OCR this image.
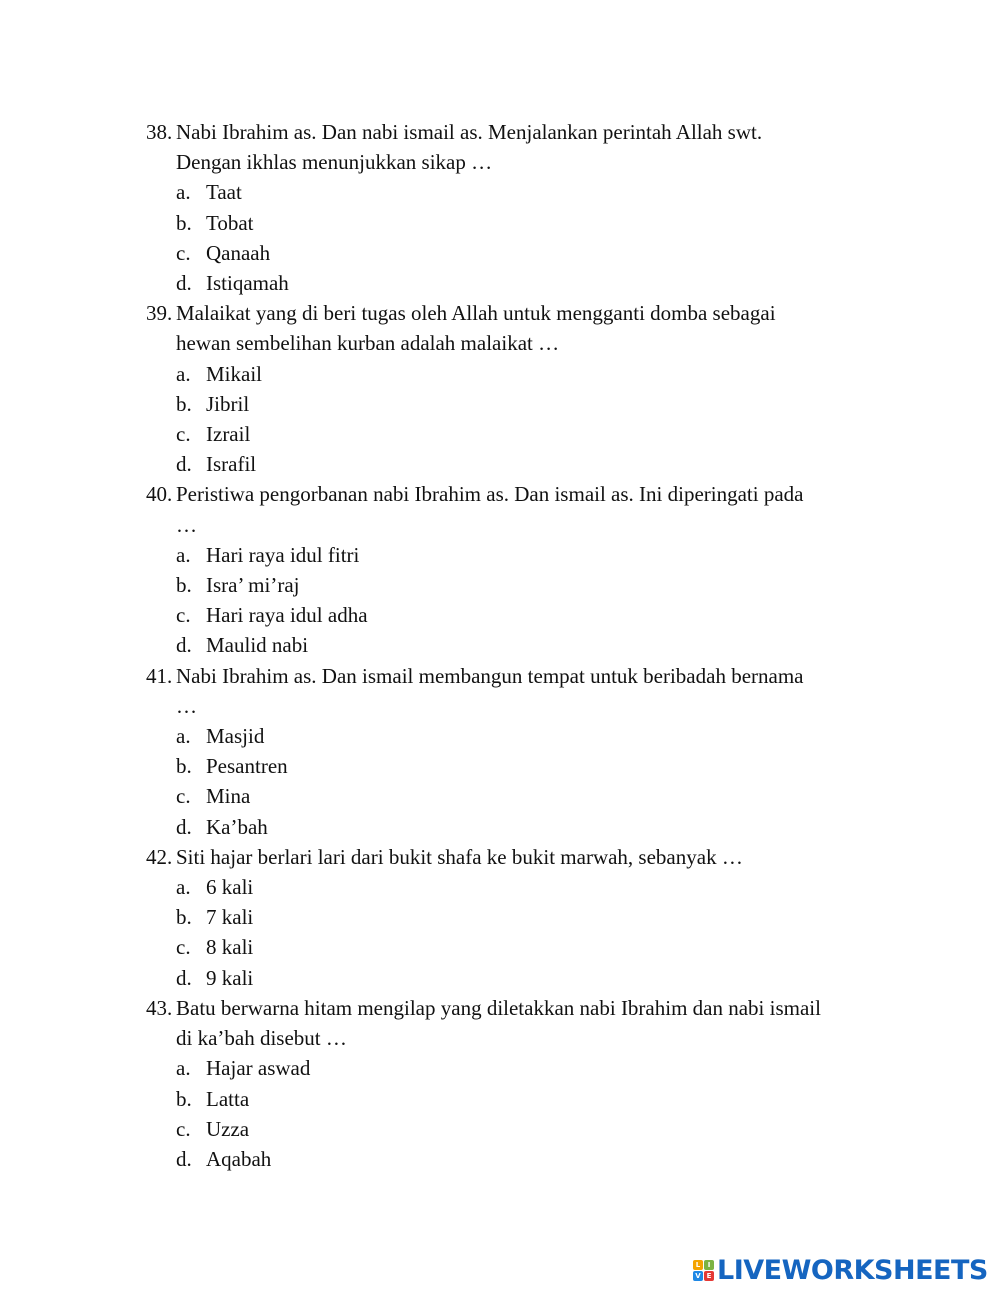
38. Nabi Ibrahim as. Dan nabi ismail as. Menjalankan perintah Allah swt.
Dengan ikhlas menunjukkan sikap …
a. Taat
b. Tobat
c. Qanaah
d. Istiqamah
39. Malaikat yang di beri tugas oleh Allah untuk mengganti domba sebagai
hewan sembelihan kurban adalah malaikat …
a. Mikail
b. Jibril
c. Izrail
d. Israfil
40. Peristiwa pengorbanan nabi Ibrahim as. Dan ismail as. Ini diperingati pada
…
a. Hari raya idul fitri
b. Isra’ mi’raj
c. Hari raya idul adha
d. Maulid nabi
41. Nabi Ibrahim as. Dan ismail membangun tempat untuk beribadah bernama
…
a. Masjid
b. Pesantren
c. Mina
d. Ka’bah
42. Siti hajar berlari lari dari bukit shafa ke bukit marwah, sebanyak …
a. 6 kali
b. 7 kali
c. 8 kali
d. 9 kali
43. Batu berwarna hitam mengilap yang diletakkan nabi Ibrahim dan nabi ismail
di ka’bah disebut …
a. Hajar aswad
b. Latta
c. Uzza
d. Aqabah
L	I
V E LIVEWORKSHEETS
